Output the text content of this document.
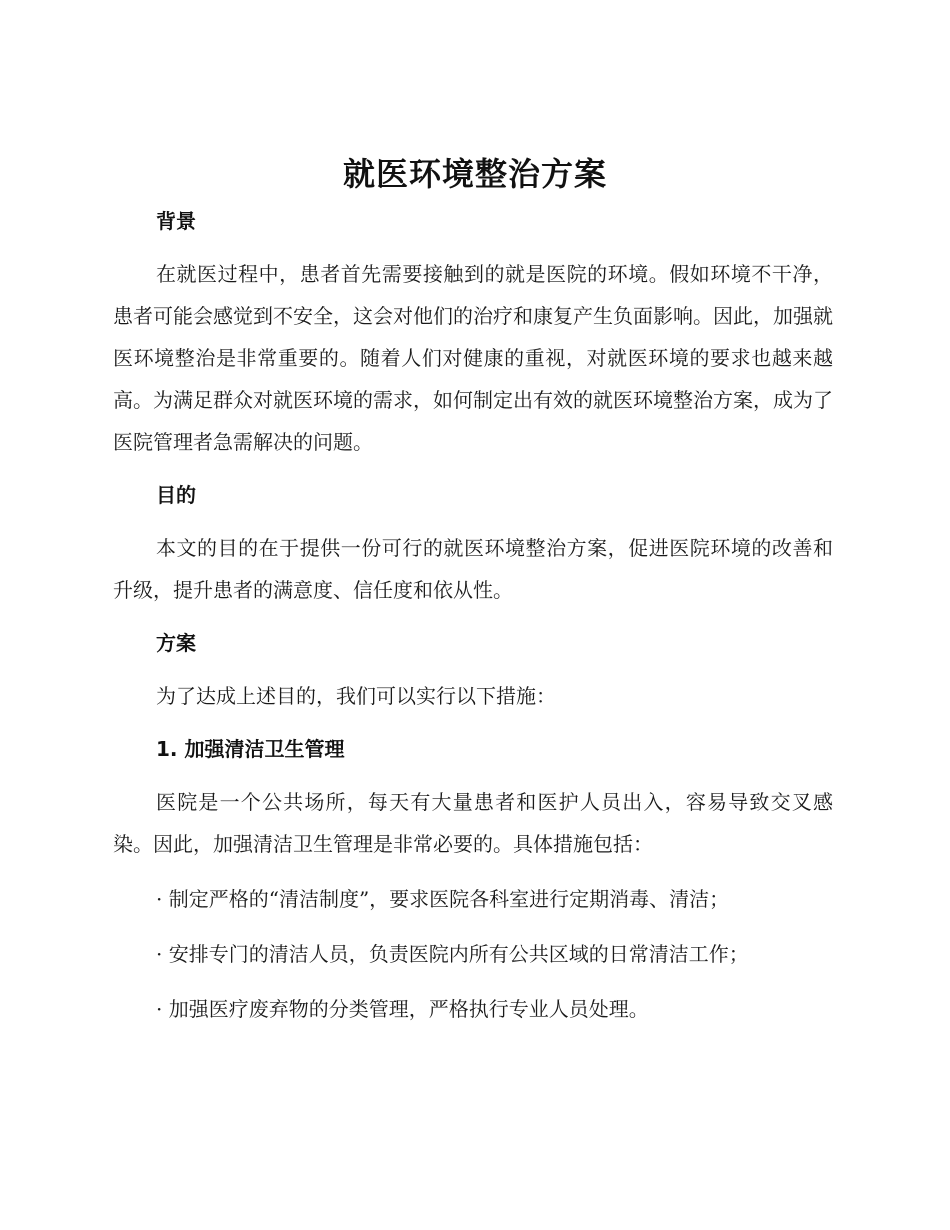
就医环境整治方案
背景

在就医过程中，患者首先需要接触到的就是医院的环境。假如环境不干净，患者可能会感觉到不安全，这会对他们的治疗和康复产生负面影响。因此，加强就医环境整治是非常重要的。随着人们对健康的重视，对就医环境的要求也越来越高。为满足群众对就医环境的需求，如何制定出有效的就医环境整治方案，成为了医院管理者急需解决的问题。

目的

本文的目的在于提供一份可行的就医环境整治方案，促进医院环境的改善和升级，提升患者的满意度、信任度和依从性。

方案

为了达成上述目的，我们可以实行以下措施：

1. 加强清洁卫生管理

医院是一个公共场所，每天有大量患者和医护人员出入，容易导致交叉感染。因此，加强清洁卫生管理是非常必要的。具体措施包括：

· 制定严格的“清洁制度”，要求医院各科室进行定期消毒、清洁；
· 安排专门的清洁人员，负责医院内所有公共区域的日常清洁工作；
· 加强医疗废弃物的分类管理，严格执行专业人员处理。
